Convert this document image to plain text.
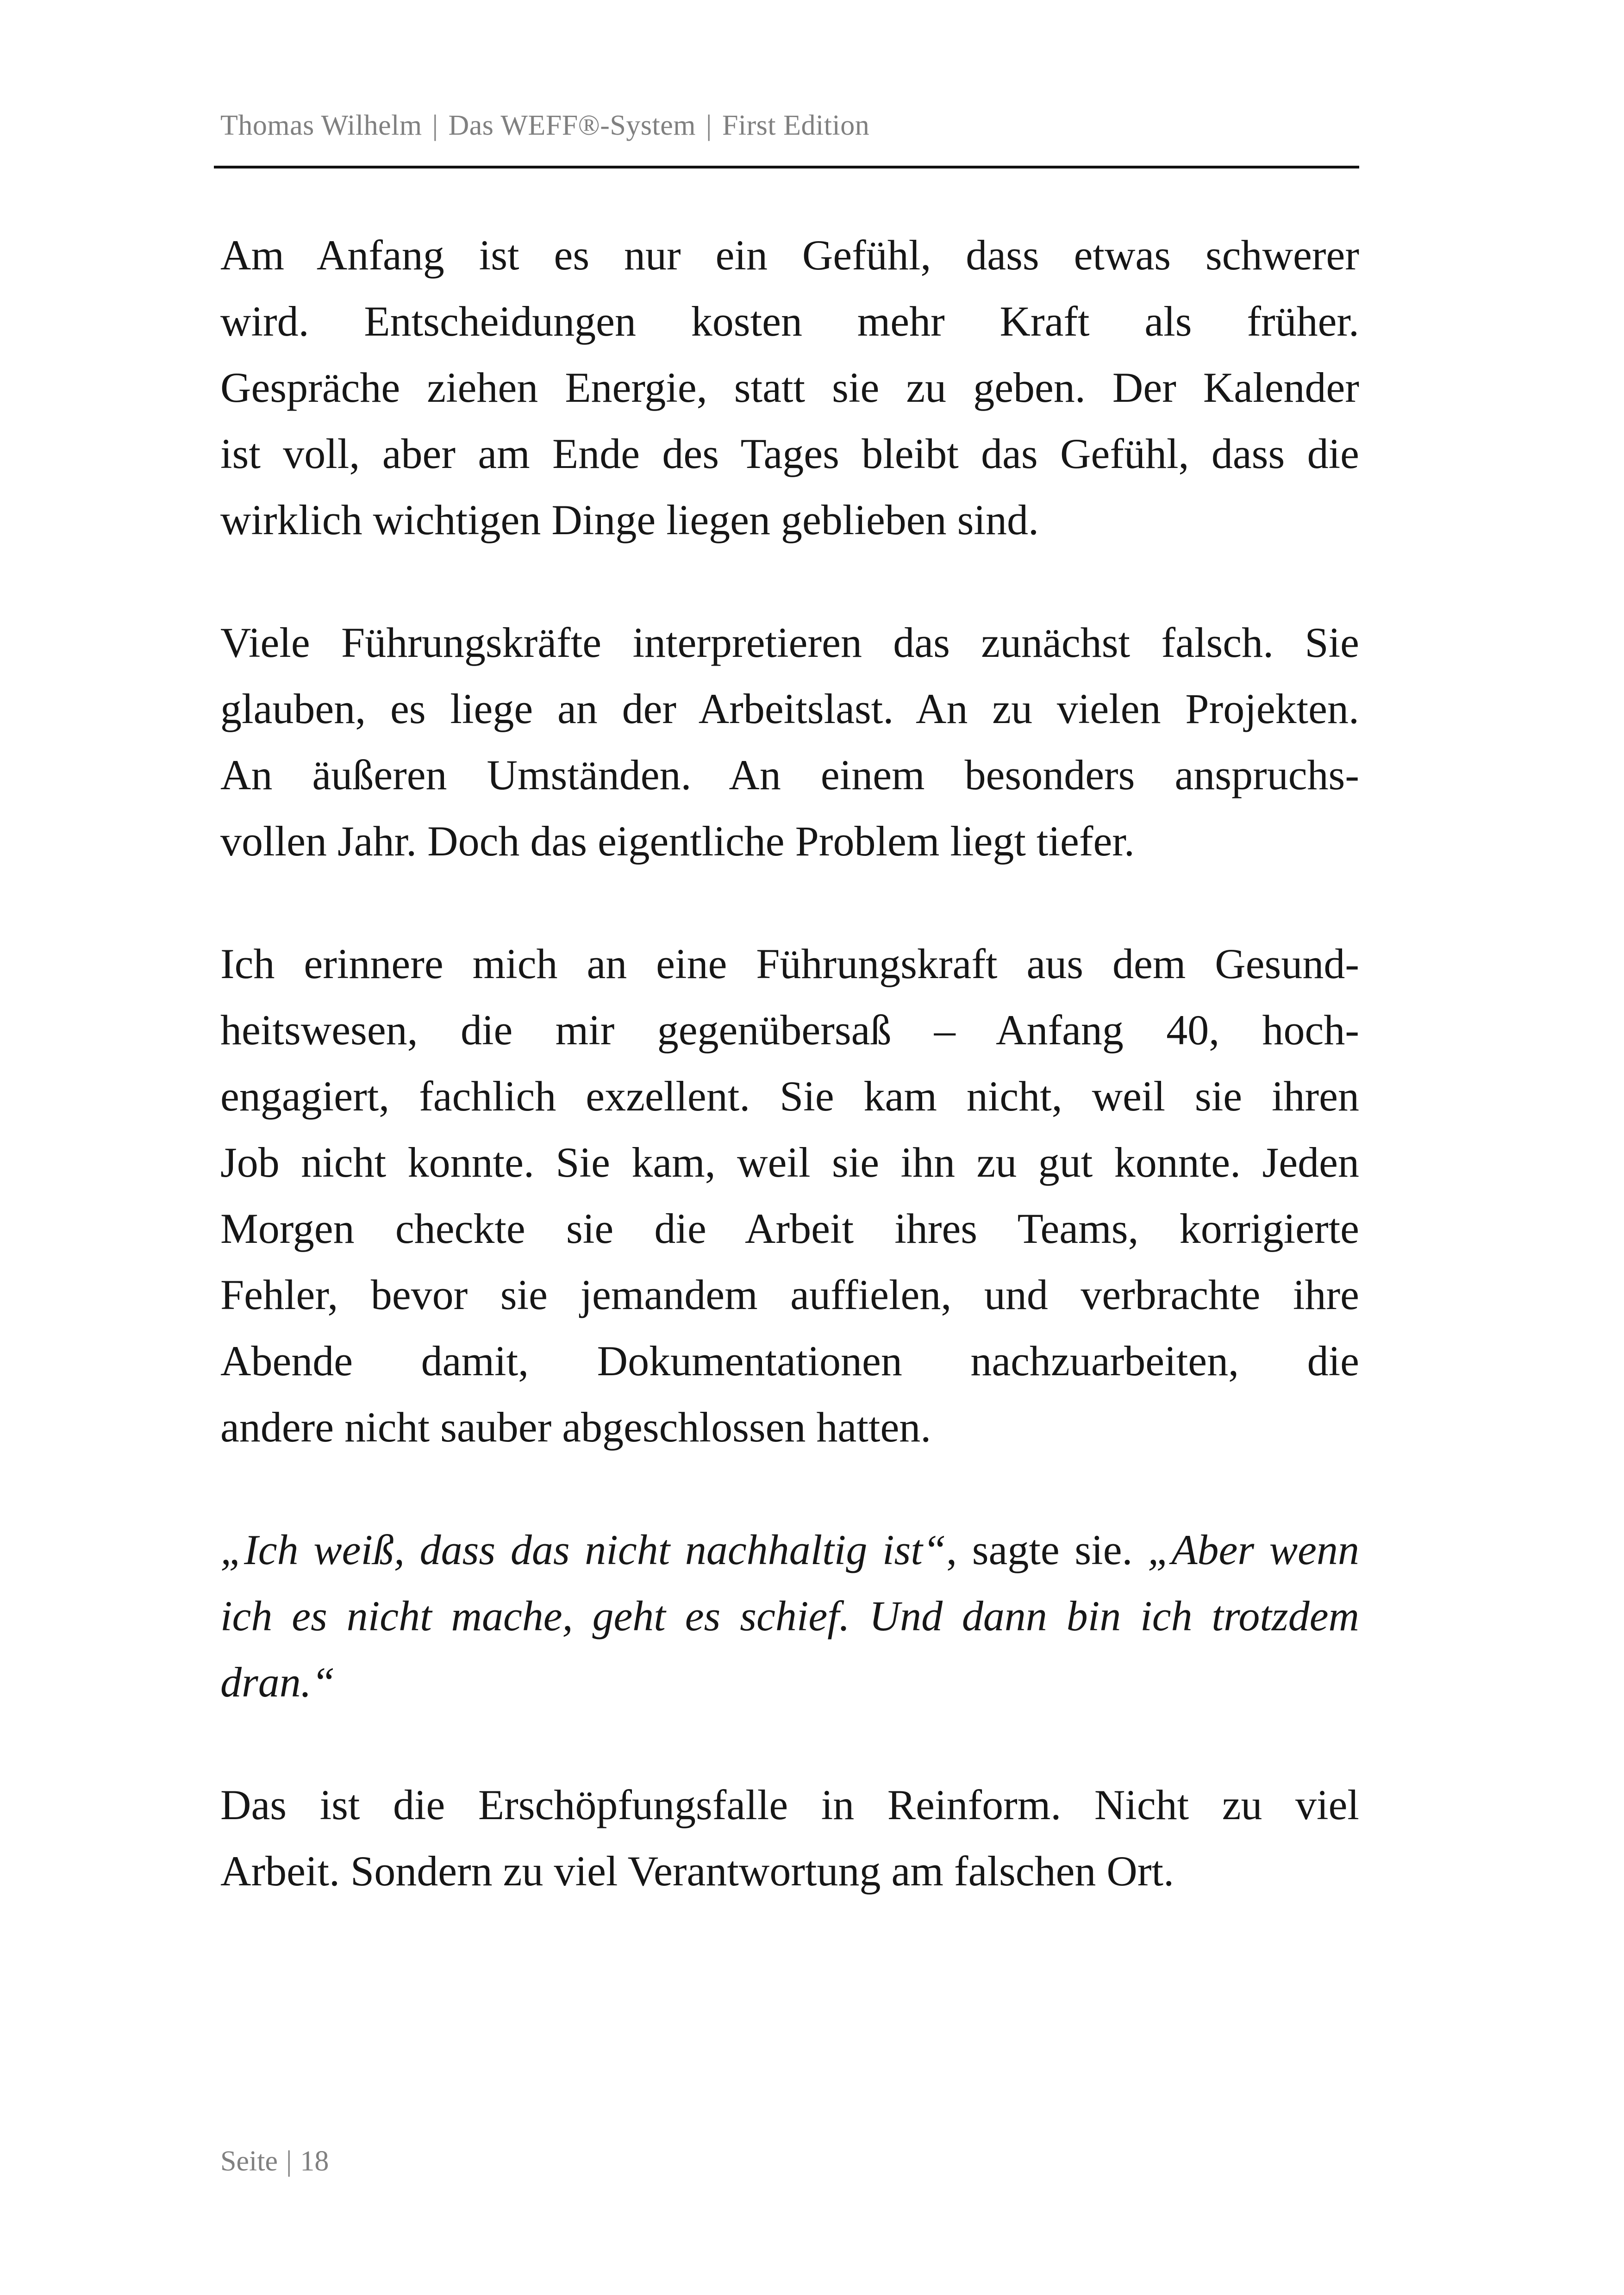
Thomas Wilhelm | Das WEFF®-System | First Edition

Am Anfang ist es nur ein Gefühl, dass etwas schwerer
wird. Entscheidungen kosten mehr Kraft als früher.
Gespräche ziehen Energie, statt sie zu geben. Der Kalender
ist voll, aber am Ende des Tages bleibt das Gefühl, dass die
wirklich wichtigen Dinge liegen geblieben sind.

Viele Führungskräfte interpretieren das zunächst falsch. Sie
glauben, es liege an der Arbeitslast. An zu vielen Projekten.
An äußeren Umständen. An einem besonders anspruchs-
vollen Jahr. Doch das eigentliche Problem liegt tiefer.

Ich erinnere mich an eine Führungskraft aus dem Gesund-
heitswesen, die mir gegenübersaß – Anfang 40, hoch-
engagiert, fachlich exzellent. Sie kam nicht, weil sie ihren
Job nicht konnte. Sie kam, weil sie ihn zu gut konnte. Jeden
Morgen checkte sie die Arbeit ihres Teams, korrigierte
Fehler, bevor sie jemandem auffielen, und verbrachte ihre
Abende damit, Dokumentationen nachzuarbeiten, die
andere nicht sauber abgeschlossen hatten.

„Ich weiß, dass das nicht nachhaltig ist“, sagte sie. „Aber wenn
ich es nicht mache, geht es schief. Und dann bin ich trotzdem
dran.“

Das ist die Erschöpfungsfalle in Reinform. Nicht zu viel
Arbeit. Sondern zu viel Verantwortung am falschen Ort.

Seite | 18
